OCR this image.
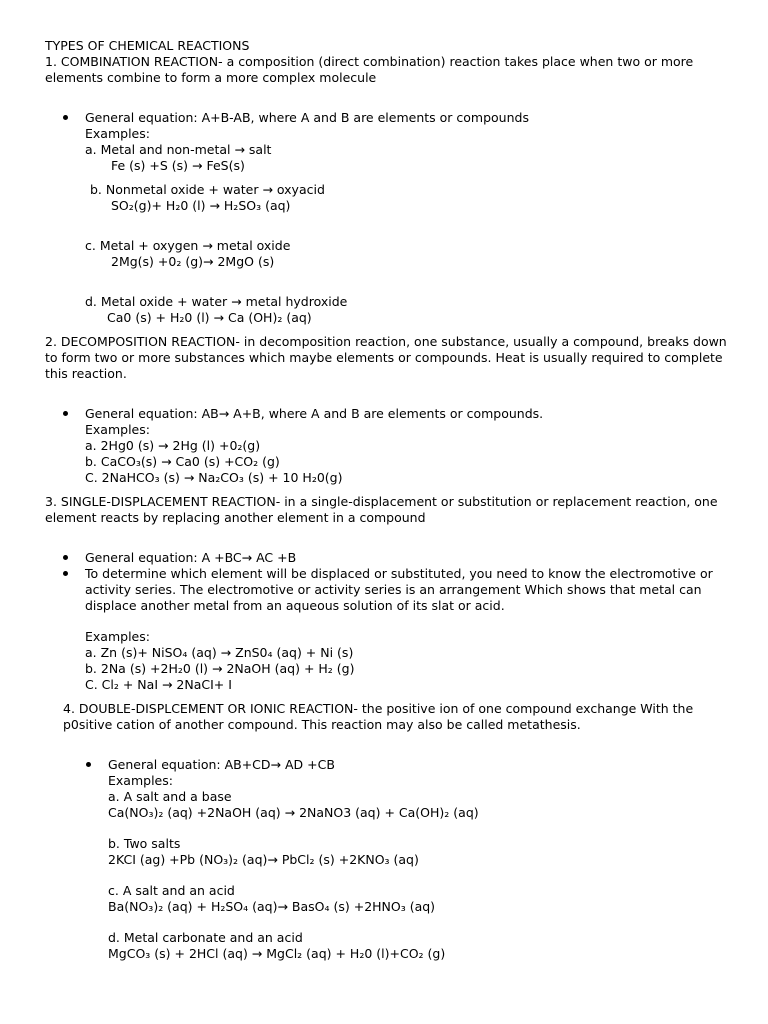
TYPES OF CHEMICAL REACTIONS
1. COMBINATION REACTION- a composition (direct combination) reaction takes place when two or more
elements combine to form a more complex molecule
General equation: A+B-AB, where A and B are elements or compounds
Examples:
a. Metal and non-metal → salt
Fe (s) +S (s) → FeS(s)
b. Nonmetal oxide + water → oxyacid
SO₂(g)+ H₂0 (l) → H₂SO₃ (aq)
c. Metal + oxygen → metal oxide
2Mg(s) +0₂ (g)→ 2MgO (s)
d. Metal oxide + water → metal hydroxide
Ca0 (s) + H₂0 (l) → Ca (OH)₂ (aq)
2. DECOMPOSITION REACTION- in decomposition reaction, one substance, usually a compound, breaks down
to form two or more substances which maybe elements or compounds. Heat is usually required to complete
this reaction.
General equation: AB→ A+B, where A and B are elements or compounds.
Examples:
a. 2Hg0 (s) → 2Hg (l) +0₂(g)
b. CaCO₃(s) → Ca0 (s) +CO₂ (g)
C. 2NaHCO₃ (s) → Na₂CO₃ (s) + 10 H₂0(g)
3. SINGLE-DISPLACEMENT REACTION- in a single-displacement or substitution or replacement reaction, one
element reacts by replacing another element in a compound
General equation: A +BC→ AC +B
To determine which element will be displaced or substituted, you need to know the electromotive or
activity series. The electromotive or activity series is an arrangement Which shows that metal can
displace another metal from an aqueous solution of its slat or acid.
Examples:
a. Zn (s)+ NiSO₄ (aq) → ZnS0₄ (aq) + Ni (s)
b. 2Na (s) +2H₂0 (l) → 2NaOH (aq) + H₂ (g)
C. Cl₂ + NaI → 2NaCI+ I
4. DOUBLE-DISPLCEMENT OR IONIC REACTION- the positive ion of one compound exchange With the
p0sitive cation of another compound. This reaction may also be called metathesis.
General equation: AB+CD→ AD +CB
Examples:
a. A salt and a base
Ca(NO₃)₂ (aq) +2NaOH (aq) → 2NaNO3 (aq) + Ca(OH)₂ (aq)
b. Two salts
2KCI (ag) +Pb (NO₃)₂ (aq)→ PbCl₂ (s) +2KNO₃ (aq)
c. A salt and an acid
Ba(NO₃)₂ (aq) + H₂SO₄ (aq)→ BasO₄ (s) +2HNO₃ (aq)
d. Metal carbonate and an acid
MgCO₃ (s) + 2HCl (aq) → MgCl₂ (aq) + H₂0 (l)+CO₂ (g)
